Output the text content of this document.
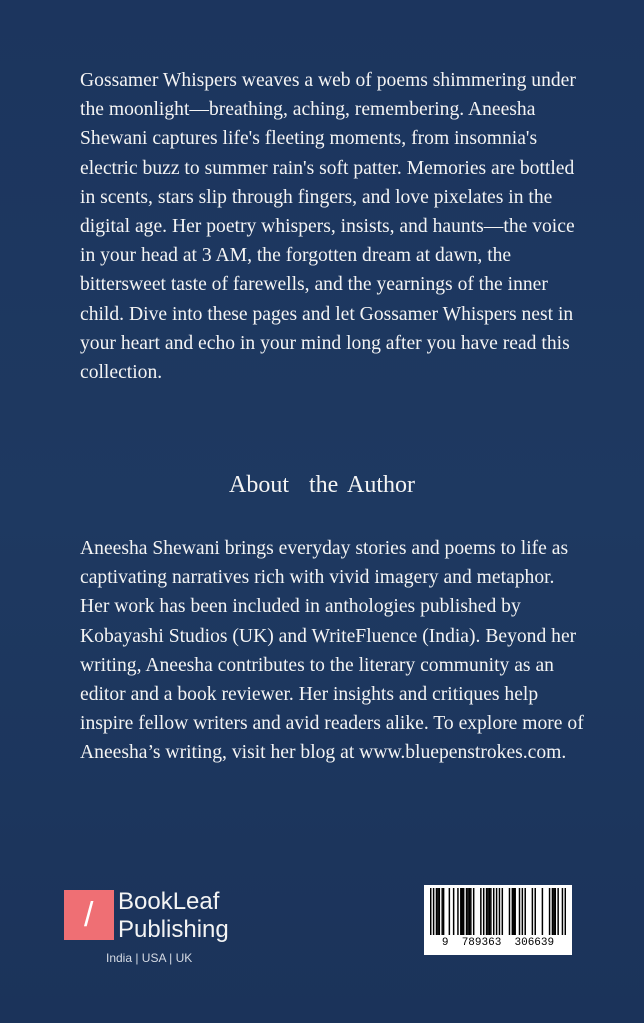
Gossamer Whispers weaves a web of poems shimmering under the moonlight—breathing, aching, remembering. Aneesha Shewani captures life's fleeting moments, from insomnia's electric buzz to summer rain's soft patter. Memories are bottled in scents, stars slip through fingers, and love pixelates in the digital age. Her poetry whispers, insists, and haunts—the voice in your head at 3 AM, the forgotten dream at dawn, the bittersweet taste of farewells, and the yearnings of the inner child. Dive into these pages and let Gossamer Whispers nest in your heart and echo in your mind long after you have read this collection.

About  the Author

Aneesha Shewani brings everyday stories and poems to life as captivating narratives rich with vivid imagery and metaphor. Her work has been included in anthologies published by Kobayashi Studios (UK) and WriteFluence (India). Beyond her writing, Aneesha contributes to the literary community as an editor and a book reviewer. Her insights and critiques help inspire fellow writers and avid readers alike. To explore more of Aneesha’s writing, visit her blog at www.bluepenstrokes.com.

/ BookLeaf
Publishing
India | USA | UK
9  789363  306639
